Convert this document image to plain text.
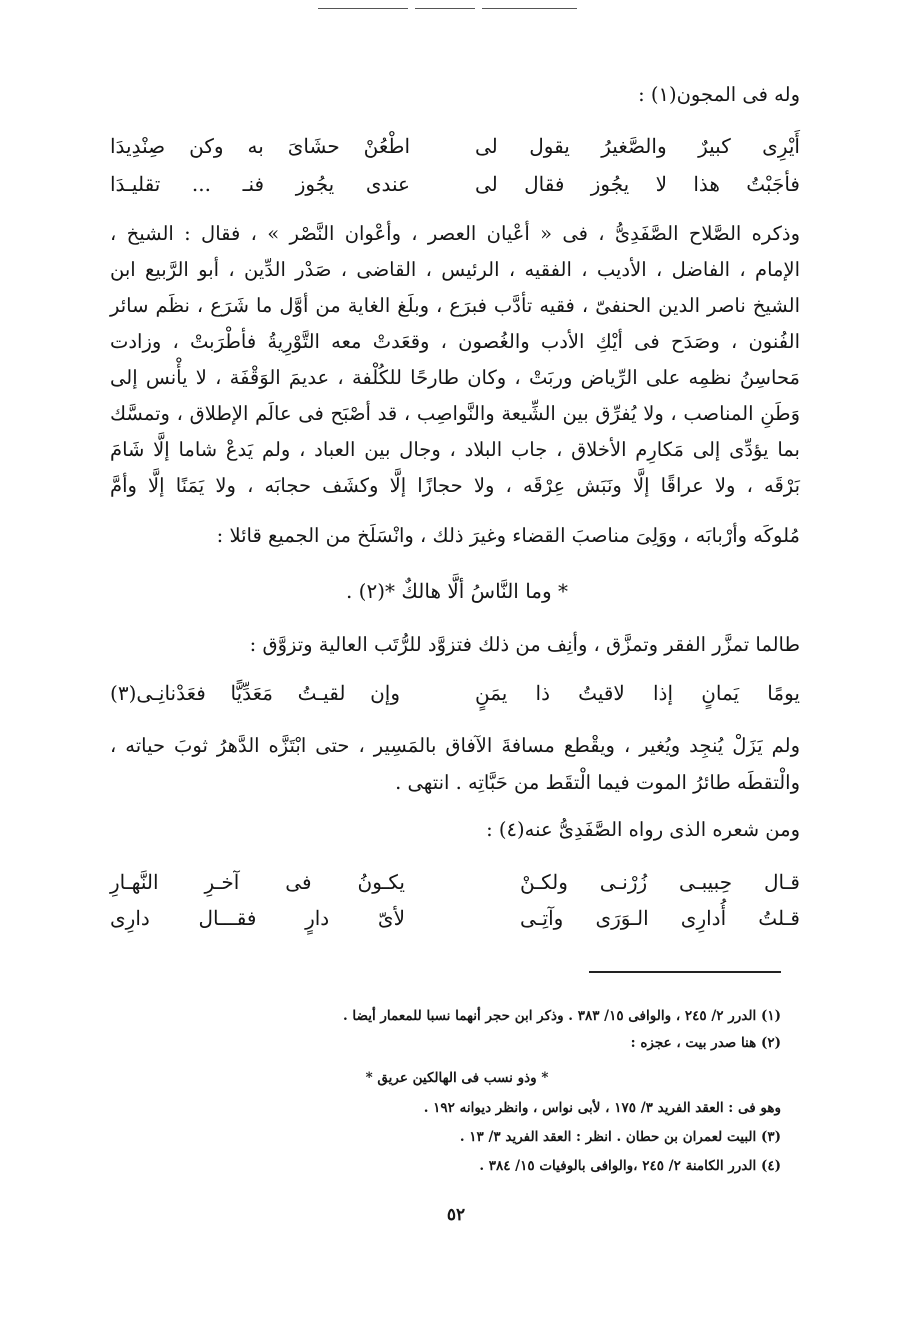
وله فى المجون(١) :
أَيْرِى كبيرٌ والصَّغيرُ يقول لى
اطْعُنْ حشَاىَ به وكن صِنْدِيدَا
فأجَبْتُ هذا لا يجُوز فقال لى
عندى يجُوز فنـ ... تقليـدَا
وذكره الصَّلاح الصَّفَدِىُّ ، فى « أعْيان العصر ، وأعْوان النَّصْر » ، فقال : الشيخ ،
الإمام ، الفاضل ، الأديب ، الفقيه ، الرئيس ، القاضى ، صَدْر الدِّين ، أبو الرَّبيع ابن
الشيخ ناصر الدين الحنفىّ ، فقيه تأدَّب فبرَع ، وبلَغ الغاية من أوَّل ما شَرَع ، نظَم سائر
الفُنون ، وصَدَح فى أيْكِ الأدب والغُصون ، وقعَدتْ معه التَّوْرِيةُ فأطْرَبتْ ، وزادت
مَحاسِنُ نظمِه على الرِّياض وربَتْ ، وكان طارحًا للكُلْفة ، عديمَ الوَقْفَة ، لا يأْنس إلى
وَطَنِ المناصب ، ولا يُفرِّق بين الشِّيعة والنَّواصِب ، قد أصْبَح فى عالَم الإطلاق ، وتمسَّك
بما يؤدِّى إلى مَكارِم الأخلاق ، جاب البلاد ، وجال بين العباد ، ولم يَدعْ شاما إلَّا شَامَ
بَرْقَه ، ولا عراقًا إلَّا ونَبَش عِرْقَه ، ولا حجازًا إلَّا وكشَف حجابَه ، ولا يَمَنًا إلَّا وأمَّ
مُلوكَه وأرْبابَه ، ووَلِىَ مناصبَ القضاء وغيرَ ذلك ، وانْسَلَخ من الجميع قائلا :
* وما النَّاسُ ألَّا هالكٌ *(٢) .
طالما تمزَّر الفقر وتمزَّق ، وأنِف من ذلك فتزوَّد للرُّتَب العالية وتزوَّق :
يومًا يَمانٍ إذا لاقيتُ ذا يمَنٍ
وإن لقيـتُ مَعَدِّيًّا فعَدْنانِـى(٣)
ولم يَزَلْ يُنجِد ويُغير ، ويقْطع مسافةَ الآفاق بالمَسِير ، حتى ابْتَزَّه الدَّهرُ ثوبَ حياته ،
والْتقطَه طائرُ الموت فيما الْتقَط من حَبَّاتِه . انتهى .
ومن شعره الذى رواه الصَّفَدِىُّ عنه(٤) :
قـال حِبيبـى زُرْنـى ولكـنْ
يكـونُ فى آخـرِ النَّهـارِ
قـلتُ أُدارِى الـوَرَى وآتِـى
لأىّ دارٍ فقـــال دارِى
(١) الدرر ٢/ ٢٤٥ ، والوافى ١٥/ ٣٨٣ . وذكر ابن حجر أنهما نسبا للمعمار أيضا .
(٢) هنا صدر بيت ، عجزه :
* وذو نسب فى الهالكين عريق *
وهو فى : العقد الفريد ٣/ ١٧٥ ، لأبى نواس ، وانظر ديوانه ١٩٢ .
(٣) البيت لعمران بن حطان . انظر : العقد الفريد ٣/ ١٣ .
(٤) الدرر الكامنة ٢/ ٢٤٥ ،والوافى بالوفيات ١٥/ ٣٨٤ .
٥٢
